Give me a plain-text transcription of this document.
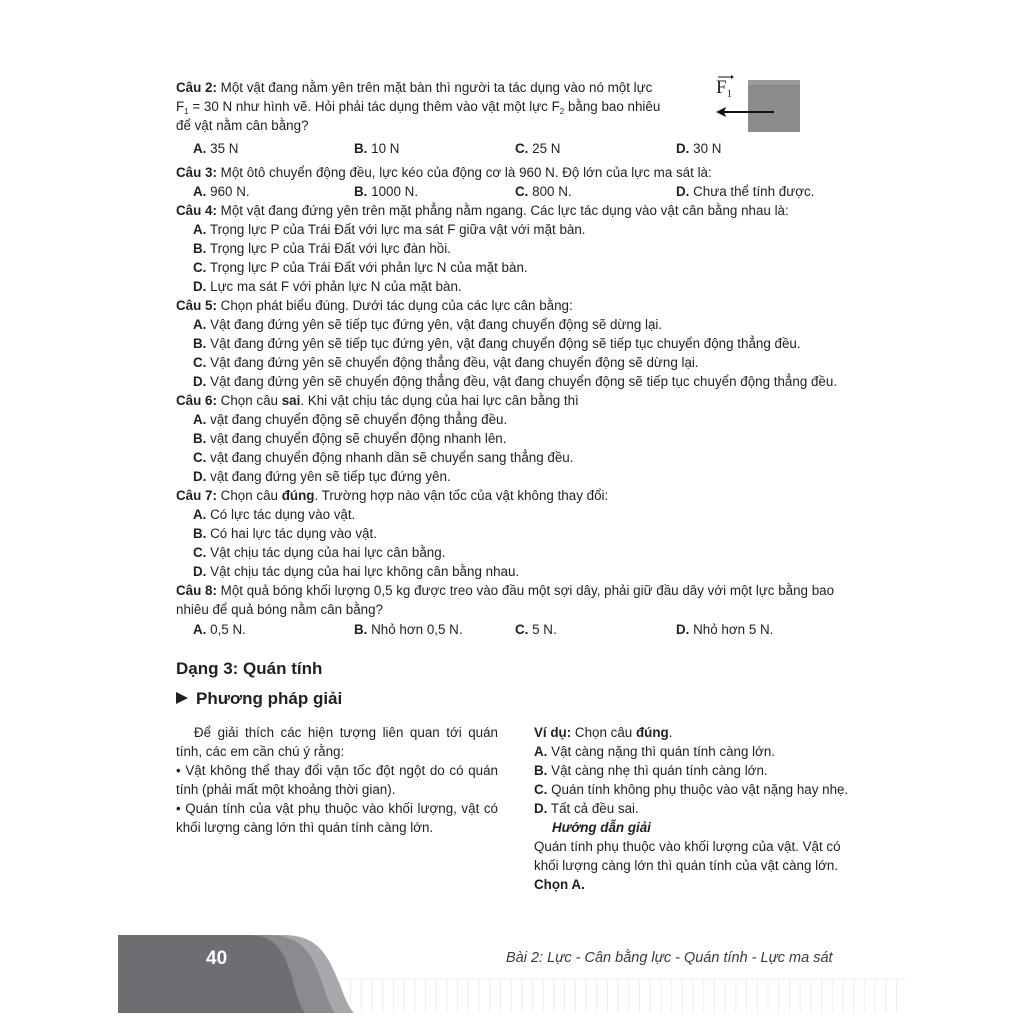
Câu 2: Một vật đang nằm yên trên mặt bàn thì người ta tác dụng vào nó một lực
$F_1 = 30$ N như hình vẽ. Hỏi phải tác dụng thêm vào vật một lực $F_2$ bằng bao nhiêu
để vật nằm cân bằng?
A. 35 N	B. 10 N	C. 25 N	D. 30 N
$F_1$
Câu 3: Một ôtô chuyển động đều, lực kéo của động cơ là 960 N. Độ lớn của lực ma sát là:
A. 960 N.	B. 1000 N.	C. 800 N.	D. Chưa thể tính được.
Câu 4: Một vật đang đứng yên trên mặt phẳng nằm ngang. Các lực tác dụng vào vật cân bằng nhau là:
A. Trọng lực P của Trái Đất với lực ma sát F giữa vật với mặt bàn.
B. Trọng lực P của Trái Đất với lực đàn hồi.
C. Trọng lực P của Trái Đất với phản lực N của mặt bàn.
D. Lực ma sát F với phản lực N của mặt bàn.
Câu 5: Chọn phát biểu đúng. Dưới tác dụng của các lực cân bằng:
A. Vật đang đứng yên sẽ tiếp tục đứng yên, vật đang chuyển động sẽ dừng lại.
B. Vật đang đứng yên sẽ tiếp tục đứng yên, vật đang chuyển động sẽ tiếp tục chuyển động thẳng đều.
C. Vật đang đứng yên sẽ chuyển động thẳng đều, vật đang chuyển động sẽ dừng lại.
D. Vật đang đứng yên sẽ chuyển động thẳng đều, vật đang chuyển động sẽ tiếp tục chuyển động thẳng đều.
Câu 6: Chọn câu sai. Khi vật chịu tác dụng của hai lực cân bằng thì
A. vật đang chuyển động sẽ chuyển động thẳng đều.
B. vật đang chuyển động sẽ chuyển động nhanh lên.
C. vật đang chuyển động nhanh dần sẽ chuyển sang thẳng đều.
D. vật đang đứng yên sẽ tiếp tục đứng yên.
Câu 7: Chọn câu đúng. Trường hợp nào vận tốc của vật không thay đổi:
A. Có lực tác dụng vào vật.
B. Có hai lực tác dụng vào vật.
C. Vật chịu tác dụng của hai lực cân bằng.
D. Vật chịu tác dụng của hai lực không cân bằng nhau.
Câu 8: Một quả bóng khối lượng 0,5 kg được treo vào đầu một sợi dây, phải giữ đầu dây với một lực bằng bao
nhiêu để quả bóng nằm cân bằng?
A. 0,5 N.	B. Nhỏ hơn 0,5 N.	C. 5 N.	D. Nhỏ hơn 5 N.
Dạng 3: Quán tính
Phương pháp giải

Để giải thích các hiện tượng liên quan tới quán tính, các em cần chú ý rằng:

• Vật không thể thay đổi vận tốc đột ngột do có quán tính (phải mất một khoảng thời gian).

• Quán tính của vật phụ thuộc vào khối lượng, vật có khối lượng càng lớn thì quán tính càng lớn.

Ví dụ: Chọn câu đúng.

A. Vật càng nặng thì quán tính càng lớn.

B. Vật càng nhẹ thì quán tính càng lớn.

C. Quán tính không phụ thuộc vào vật nặng hay nhẹ.

D. Tất cả đều sai.

Hướng dẫn giải

Quán tính phụ thuộc vào khối lượng của vật. Vật có

khối lượng càng lớn thì quán tính của vật càng lớn.

Chọn A.

40	Bài 2: Lực - Cân bằng lực - Quán tính - Lực ma sát
